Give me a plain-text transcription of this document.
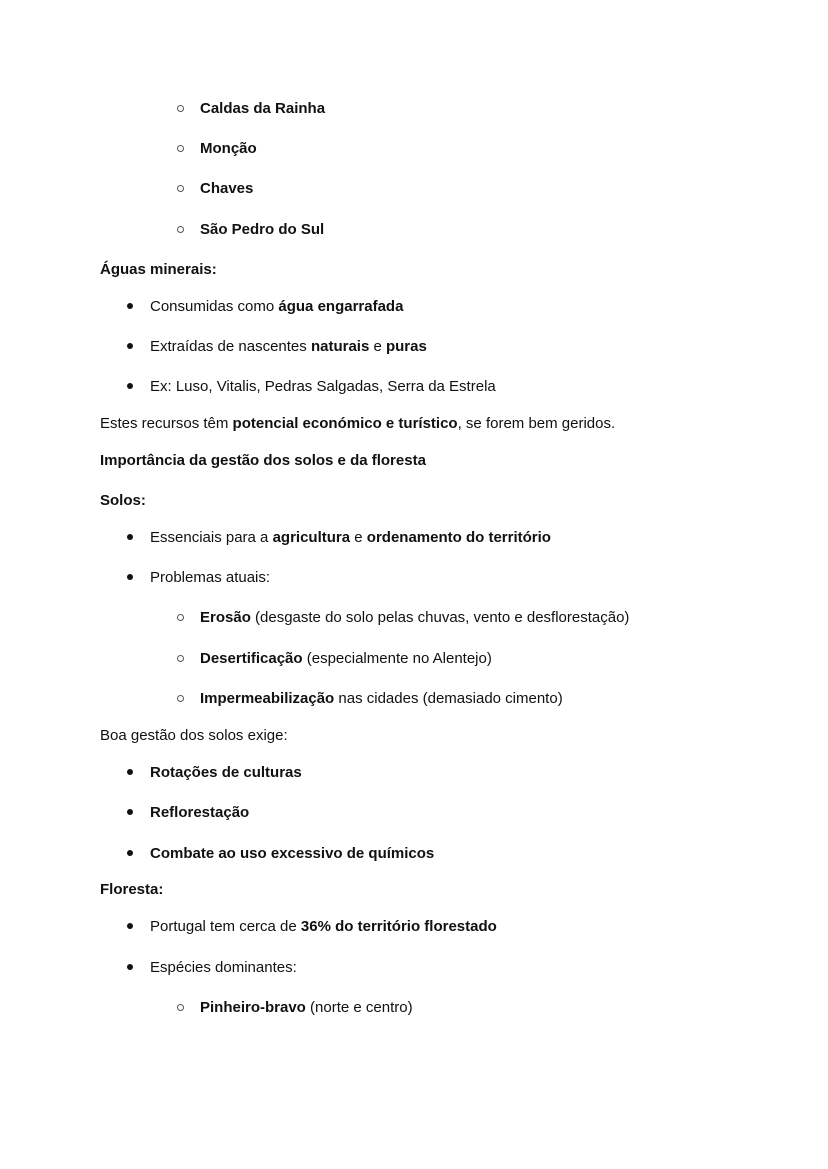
Caldas da Rainha
Monção
Chaves
São Pedro do Sul
Águas minerais:
Consumidas como água engarrafada
Extraídas de nascentes naturais e puras
Ex: Luso, Vitalis, Pedras Salgadas, Serra da Estrela
Estes recursos têm potencial económico e turístico, se forem bem geridos.
Importância da gestão dos solos e da floresta
Solos:
Essenciais para a agricultura e ordenamento do território
Problemas atuais:
Erosão (desgaste do solo pelas chuvas, vento e desflorestação)
Desertificação (especialmente no Alentejo)
Impermeabilização nas cidades (demasiado cimento)
Boa gestão dos solos exige:
Rotações de culturas
Reflorestação
Combate ao uso excessivo de químicos
Floresta:
Portugal tem cerca de 36% do território florestado
Espécies dominantes:
Pinheiro-bravo (norte e centro)
